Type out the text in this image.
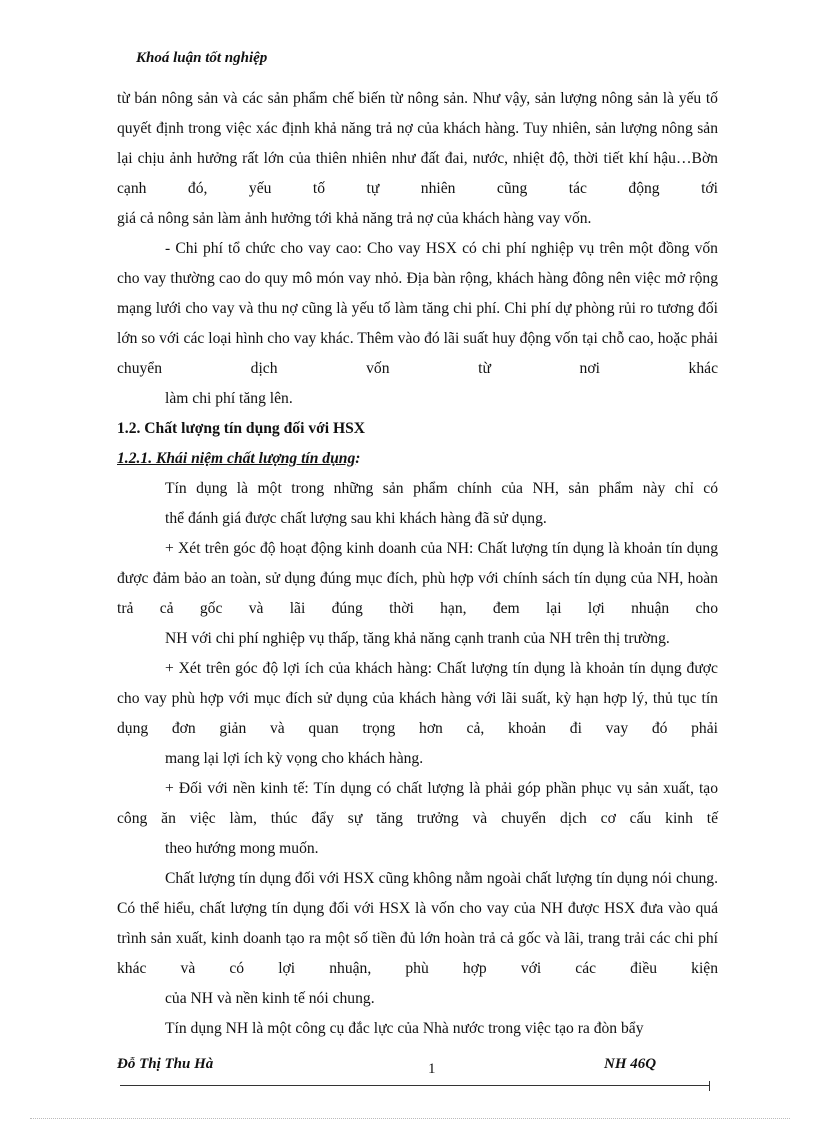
Khoá luận tốt nghiệp
từ bán nông sản và các sản phẩm chế biến từ nông sản. Như vậy, sản lượng nông sản là yếu tố quyết định trong việc xác định khả năng trả nợ của khách hàng. Tuy nhiên, sản lượng nông sản lại chịu ảnh hưởng rất lớn của thiên nhiên như đất đai, nước, nhiệt độ, thời tiết khí hậu…Bờn cạnh đó, yếu tố tự nhiên cũng tác động tới
giá cả nông sản làm ảnh hưởng tới khả năng trả nợ của khách hàng vay vốn.
- Chi phí tổ chức cho vay cao: Cho vay HSX có chi phí nghiệp vụ trên một đồng vốn cho vay thường cao do quy mô món vay nhỏ. Địa bàn rộng, khách hàng đông nên việc mở rộng mạng lưới cho vay và thu nợ cũng là yếu tố làm tăng chi phí. Chi phí dự phòng rủi ro tương đối lớn so với các loại hình cho vay khác. Thêm vào đó lãi suất huy động vốn tại chỗ cao, hoặc phải chuyển dịch vốn từ nơi khác
làm chi phí tăng lên.
1.2. Chất lượng tín dụng đối với HSX
1.2.1. Khái niệm chất lượng tín dụng:
Tín dụng là một trong những sản phẩm chính của NH, sản phẩm này chỉ có
thể đánh giá được chất lượng sau khi khách hàng đã sử dụng.
+ Xét trên góc độ hoạt động kinh doanh của NH: Chất lượng tín dụng là khoản tín dụng được đảm bảo an toàn, sử dụng đúng mục đích, phù hợp với chính sách tín dụng của NH, hoàn trả cả gốc và lãi đúng thời hạn, đem lại lợi nhuận cho
NH với chi phí nghiệp vụ thấp, tăng khả năng cạnh tranh của NH trên thị trường.
+ Xét trên góc độ lợi ích của khách hàng: Chất lượng tín dụng là khoản tín dụng được cho vay phù hợp với mục đích sử dụng của khách hàng với lãi suất, kỳ hạn hợp lý, thủ tục tín dụng đơn giản và quan trọng hơn cả, khoản đi vay đó phải
mang lại lợi ích kỳ vọng cho khách hàng.
+ Đối với nền kinh tế: Tín dụng có chất lượng là phải góp phần phục vụ sản xuất, tạo công ăn việc làm, thúc đẩy sự tăng trưởng và chuyển dịch cơ cấu kinh tế
theo hướng mong muốn.
Chất lượng tín dụng đối với HSX cũng không nằm ngoài chất lượng tín dụng nói chung. Có thể hiểu, chất lượng tín dụng đối với HSX là vốn cho vay của NH được HSX đưa vào quá trình sản xuất, kinh doanh tạo ra một số tiền đủ lớn hoàn trả cả gốc và lãi, trang trải các chi phí khác và có lợi nhuận, phù hợp với các điều kiện
của NH và nền kinh tế nói chung.
Tín dụng NH là một công cụ đắc lực của Nhà nước trong việc tạo ra đòn bẩy
Đỗ Thị Thu Hà	1	NH 46Q
